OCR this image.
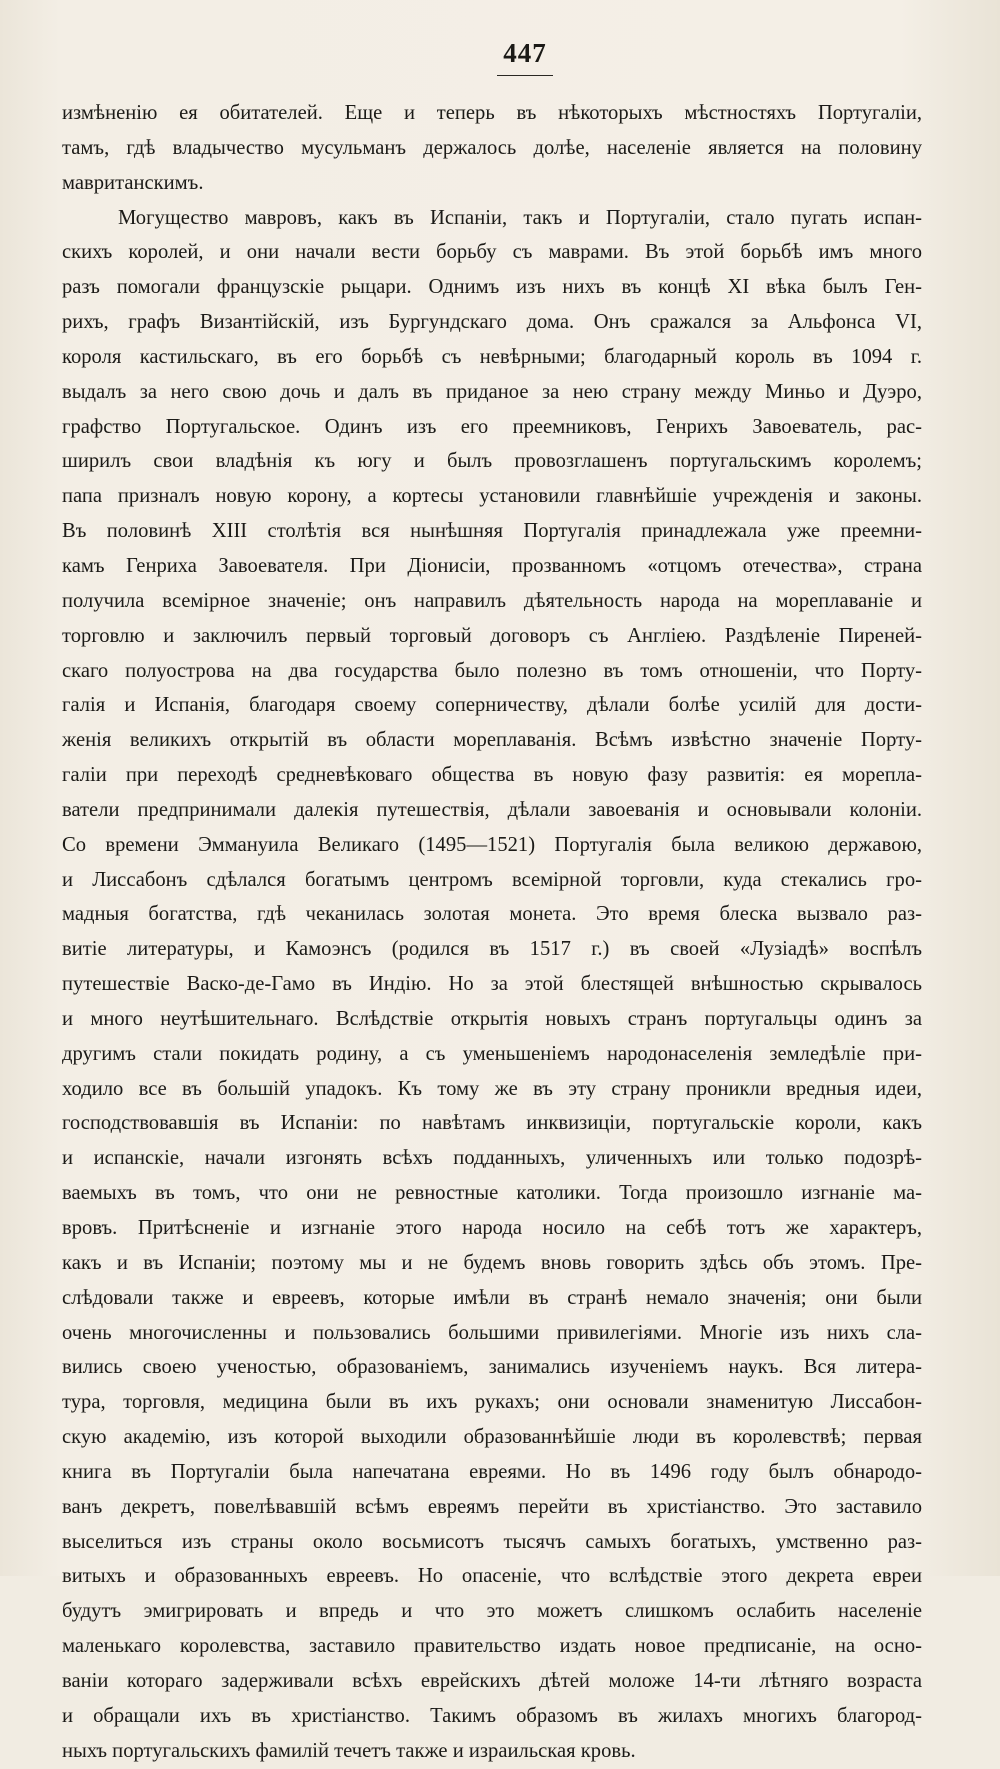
447
измѣненію ея обитателей. Еще и теперь въ нѣкоторыхъ мѣстностяхъ Португаліи,
тамъ, гдѣ владычество мусульманъ держалось долѣе, населеніе является на половину
мавританскимъ.
Могущество мавровъ, какъ въ Испаніи, такъ и Португаліи, стало пугать испан-
скихъ королей, и они начали вести борьбу съ маврами. Въ этой борьбѣ имъ много
разъ помогали французскіе рыцари. Однимъ изъ нихъ въ концѣ XI вѣка былъ Ген-
рихъ, графъ Византійскій, изъ Бургундскаго дома. Онъ сражался за Альфонса VI,
короля кастильскаго, въ его борьбѣ съ невѣрными; благодарный король въ 1094 г.
выдалъ за него свою дочь и далъ въ приданое за нею страну между Миньо и Дуэро,
графство Португальское. Одинъ изъ его преемниковъ, Генрихъ Завоеватель, рас-
ширилъ свои владѣнія къ югу и былъ провозглашенъ португальскимъ королемъ;
папа призналъ новую корону, а кортесы установили главнѣйшіе учрежденія и законы.
Въ половинѣ XIII столѣтія вся нынѣшняя Португалія принадлежала уже преемни-
камъ Генриха Завоевателя. При Діонисіи, прозванномъ «отцомъ отечества», страна
получила всемірное значеніе; онъ направилъ дѣятельность народа на мореплаваніе и
торговлю и заключилъ первый торговый договоръ съ Англіею. Раздѣленіе Пиреней-
скаго полуострова на два государства было полезно въ томъ отношеніи, что Порту-
галія и Испанія, благодаря своему соперничеству, дѣлали болѣе усилій для дости-
женія великихъ открытій въ области мореплаванія. Всѣмъ извѣстно значеніе Порту-
галіи при переходѣ средневѣковаго общества въ новую фазу развитія: ея морепла-
ватели предпринимали далекія путешествія, дѣлали завоеванія и основывали колоніи.
Со времени Эммануила Великаго (1495—1521) Португалія была великою державою,
и Лиссабонъ сдѣлался богатымъ центромъ всемірной торговли, куда стекались гро-
мадныя богатства, гдѣ чеканилась золотая монета. Это время блеска вызвало раз-
витіе литературы, и Камоэнсъ (родился въ 1517 г.) въ своей «Лузіадѣ» воспѣлъ
путешествіе Васко-де-Гамо въ Индію. Но за этой блестящей внѣшностью скрывалось
и много неутѣшительнаго. Вслѣдствіе открытія новыхъ странъ португальцы одинъ за
другимъ стали покидать родину, а съ уменьшеніемъ народонаселенія земледѣліе при-
ходило все въ большій упадокъ. Къ тому же въ эту страну проникли вредныя идеи,
господствовавшія въ Испаніи: по навѣтамъ инквизиціи, португальскіе короли, какъ
и испанскіе, начали изгонять всѣхъ подданныхъ, уличенныхъ или только подозрѣ-
ваемыхъ въ томъ, что они не ревностные католики. Тогда произошло изгнаніе ма-
вровъ. Притѣсненіе и изгнаніе этого народа носило на себѣ тотъ же характеръ,
какъ и въ Испаніи; поэтому мы и не будемъ вновь говорить здѣсь объ этомъ. Пре-
слѣдовали также и евреевъ, которые имѣли въ странѣ немало значенія; они были
очень многочисленны и пользовались большими привилегіями. Многіе изъ нихъ сла-
вились своею ученостью, образованіемъ, занимались изученіемъ наукъ. Вся литера-
тура, торговля, медицина были въ ихъ рукахъ; они основали знаменитую Лиссабон-
скую академію, изъ которой выходили образованнѣйшіе люди въ королевствѣ; первая
книга въ Португаліи была напечатана евреями. Но въ 1496 году былъ обнародо-
ванъ декретъ, повелѣвавшій всѣмъ евреямъ перейти въ христіанство. Это заставило
выселиться изъ страны около восьмисотъ тысячъ самыхъ богатыхъ, умственно раз-
витыхъ и образованныхъ евреевъ. Но опасеніе, что вслѣдствіе этого декрета евреи
будутъ эмигрировать и впредь и что это можетъ слишкомъ ослабить населеніе
маленькаго королевства, заставило правительство издать новое предписаніе, на осно-
ваніи котораго задерживали всѣхъ еврейскихъ дѣтей моложе 14-ти лѣтняго возраста
и обращали ихъ въ христіанство. Такимъ образомъ въ жилахъ многихъ благород-
ныхъ португальскихъ фамилій течетъ также и израильская кровь.
